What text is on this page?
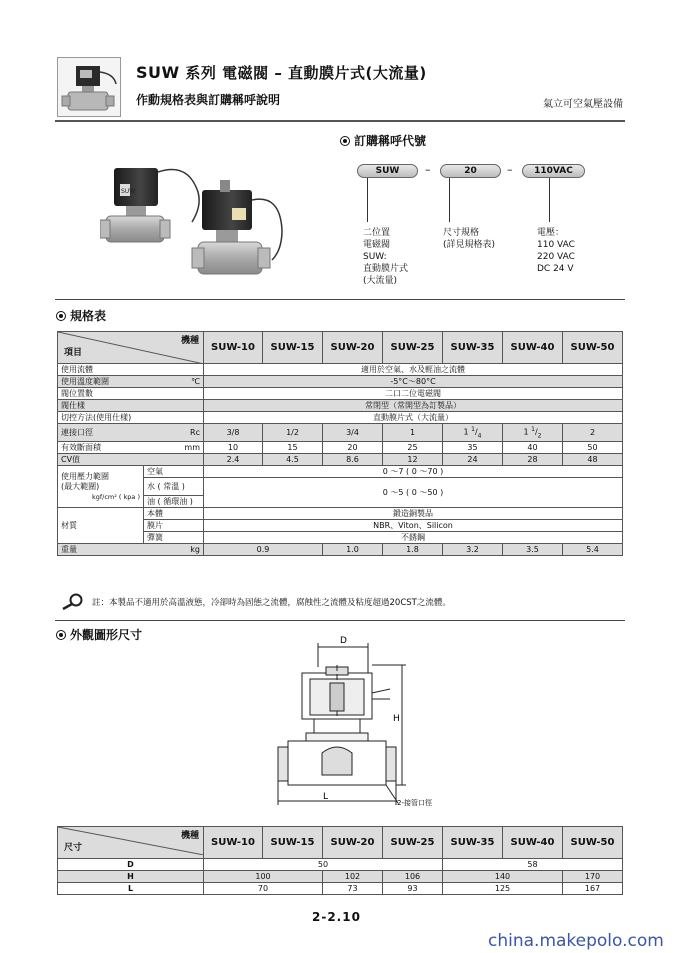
SUW 系列 電磁閥 – 直動膜片式(大流量)
作動規格表與訂購稱呼說明	氣立可空氣壓設備
SUW
訂購稱呼代號
SUW	–	20	–	110VAC
二位置
電磁閥
SUW:
直動膜片式
(大流量)
尺寸規格
(詳見規格表)
電壓：
110 VAC
220 VAC
DC 24 V
規格表
機種
項目		SUW-10	SUW-15	SUW-20	SUW-25	SUW-35	SUW-40	SUW-50
使用流體		適用於空氣、水及輕油之流體						
使用溫度範圍	℃	-5°C～80°C						
閥位置數		二口二位電磁閥						
閥仕樣		常閉型（常開型為訂製品）						
切控方法(使用仕樣)		直動膜片式（大流量）						
連接口徑	Rc	3/8	1/2	3/4	1	1 $^1/_4$	1 $^1/_2$	2
有效斷面積	mm	10	15	20	25	35	40	50
CV值		2.4	4.5	8.6	12	24	28	48

使用壓力範圍
(最大範圍)
kgf/cm² ( kpa )	空氣	0 ～7 ( 0 ～70 )						
	水 ( 常溫 )	0 ～5 ( 0 ～50 )						
	油 ( 循環油 )							
材質	本體	鍛造銅製品						
	膜片	NBR、Viton、Silicon						
	彈簧	不銹鋼						
重量	kg	0.9		1.0	1.8	3.2	3.5	5.4
註：本製品不適用於高溫液態，冷卻時為固態之流體，腐蝕性之流體及粘度超過20CST之流體。
外觀圖形尺寸	D
H
L
2-接管口徑
機種
尺寸	SUW-10	SUW-15	SUW-20	SUW-25	SUW-35	SUW-40	SUW-50
D	50				58		
H	100		102	106	140		170
L	70		73	93	125		167
2-2.10
china.makepolo.com
